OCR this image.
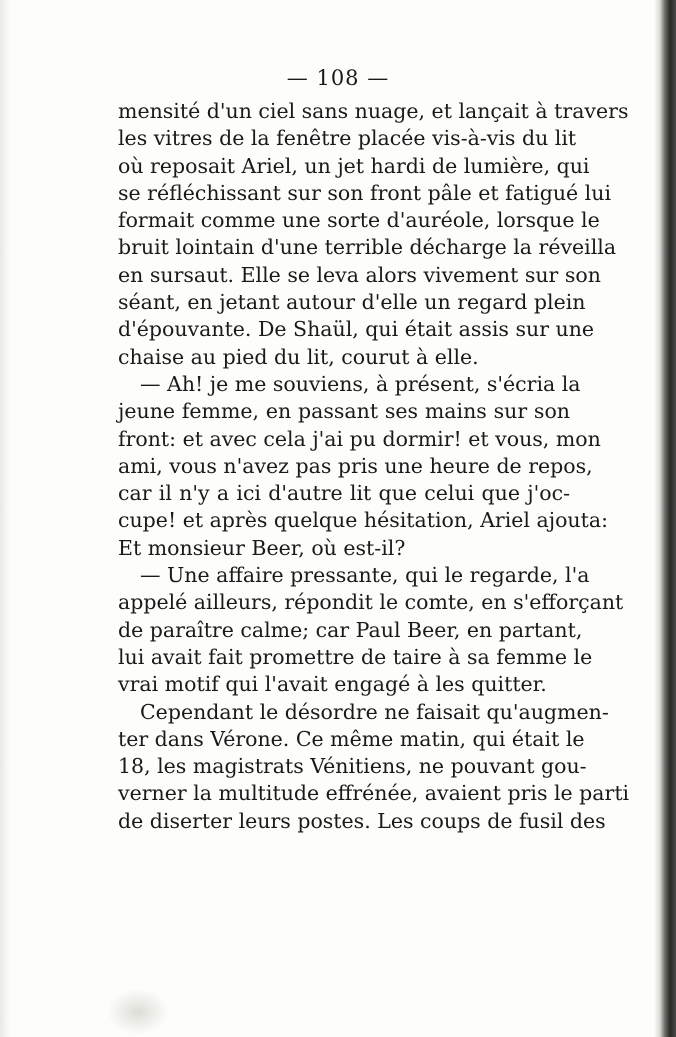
— 108 —
mensité d'un ciel sans nuage, et lançait à travers
les vitres de la fenêtre placée vis-à-vis du lit
où reposait Ariel, un jet hardi de lumière, qui
se réfléchissant sur son front pâle et fatigué lui
formait comme une sorte d'auréole, lorsque le
bruit lointain d'une terrible décharge la réveilla
en sursaut. Elle se leva alors vivement sur son
séant, en jetant autour d'elle un regard plein
d'épouvante. De Shaül, qui était assis sur une
chaise au pied du lit, courut à elle.
— Ah! je me souviens, à présent, s'écria la
jeune femme, en passant ses mains sur son
front: et avec cela j'ai pu dormir! et vous, mon
ami, vous n'avez pas pris une heure de repos,
car il n'y a ici d'autre lit que celui que j'oc-
cupe! et après quelque hésitation, Ariel ajouta:
Et monsieur Beer, où est-il?
— Une affaire pressante, qui le regarde, l'a
appelé ailleurs, répondit le comte, en s'efforçant
de paraître calme; car Paul Beer, en partant,
lui avait fait promettre de taire à sa femme le
vrai motif qui l'avait engagé à les quitter.
Cependant le désordre ne faisait qu'augmen-
ter dans Vérone. Ce même matin, qui était le
18, les magistrats Vénitiens, ne pouvant gou-
verner la multitude effrénée, avaient pris le parti
de diserter leurs postes. Les coups de fusil des
